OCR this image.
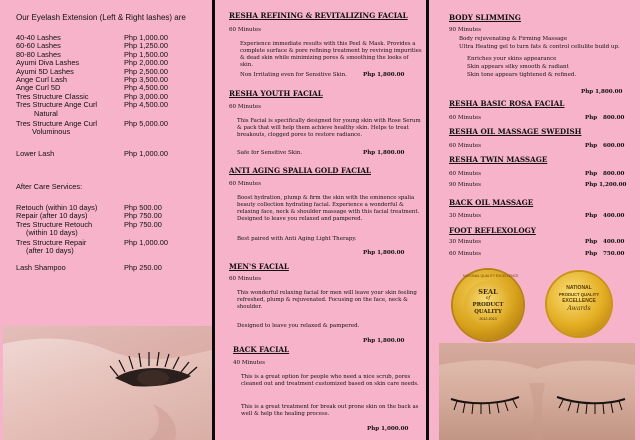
Our Eyelash Extension (Left & Right lashes) are
40-40 Lashes	Php 1,000.00
60-60 Lashes	Php 1,250.00
80-80 Lashes	Php 1,500.00
Ayumi Diva Lashes	Php 2,000.00
Ayumi 5D Lashes	Php 2,500.00
Ange Curl Lash	Php 3,500.00
Ange Curl 5D	Php 4,500.00
Tres Structure Classic	Php 3,000.00
Tres Structure Ange Curl	Php 4,500.00
Natural
Tres Structure Ange Curl	Php 5,000.00
Voluminous
Lower Lash	Php 1,000.00
After Care Services:
Retouch (within 10 days)	Php 500.00
Repair (after 10 days)	Php 750.00
Tres Structure Retouch	Php 750.00
(within 10 days)
Tres Structure Repair	Php 1,000.00
(after 10 days)
Lash Shampoo	Php 250.00
RESHA REFINING & REVITALIZING FACIAL
60 Minutes
Experience immediate results with this Peel & Mask. Provides a complete surface & pore refining treatment by reviving impurities & dead skin while minimizing pores & smoothing the looks of skin.
Non Irritating even for Sensitive Skin.	Php 1,800.00
RESHA YOUTH FACIAL
60 Minutes
This Facial is specifically designed for young skin with Rose Serum & pack that will help them achieve healthy skin. Helps to treat breakouts, clogged pores to restore radiance.
Safe for Sensitive Skin.	Php 1,800.00
ANTI AGING SPALIA GOLD FACIAL
60 Minutes
Boost hydration, plump & firm the skin with the eminence spalia beauty collection hydrating facial. Experience a wonderful & relaxing face, neck & shoulder massage with this facial treatment. Designed to leave you relaxed and pampered.
Best paired with Anti Aging Light Therapy.
Php 1,800.00
MEN'S FACIAL
60 Minutes
This wonderful relaxing facial for men will leave your skin feeling refreshed, plump & rejuvenated. Focusing on the face, neck & shoulder.
Designed to leave you relaxed & pampered.
Php 1,800.00
BACK FACIAL
40 Minutes
This is a great option for people who need a nice scrub, pores cleaned out and treatment customized based on skin care needs.
This is a great treatment for break out prone skin on the back as well & help the healing process.
Php 1,000.00
BODY SLIMMING
90 Minutes
Body rejuvenating & Firming Massage
Ultra Heating gel to turn fats & control cellulite build up.
Enriches your skins appearance
Skin appears silky smooth & radiant
Skin tone appears tightened & refined.
Php 1,800.00
RESHA BASIC ROSA FACIAL
60 Minutes	Php   800.00
RESHA OIL MASSAGE SWEDISH
60 Minutes	Php   600.00
RESHA TWIN MASSAGE
60 Minutes	Php   800.00
90 Minutes	Php 1,200.00
BACK OIL MASSAGE
30 Minutes	Php   400.00
FOOT REFLEXOLOGY
30 Minutes	Php   400.00
60 Minutes	Php   750.00
NATIONAL QUALITY EXCELLENCE
SEAL
of
PRODUCT
QUALITY
2012-2013
NATIONAL
PRODUCT QUALITY
EXCELLENCE
Awards
